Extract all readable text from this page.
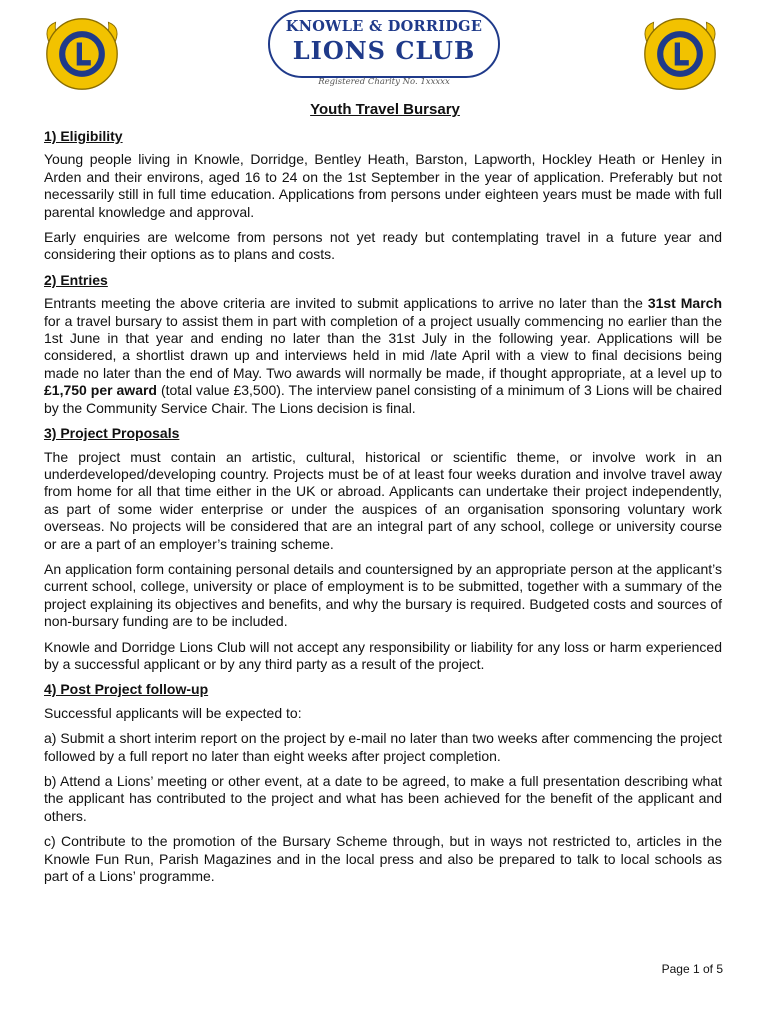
KNOWLE & DORRIDGE
LIONS CLUB
Registered Charity No. 1xxxxx
Youth Travel Bursary
1) Eligibility

Young people living in Knowle, Dorridge, Bentley Heath, Barston, Lapworth, Hockley Heath or Henley in Arden and their environs, aged 16 to 24 on the 1st September in the year of application. Preferably but not necessarily still in full time education. Applications from persons under eighteen years must be made with full parental knowledge and approval.

Early enquiries are welcome from persons not yet ready but contemplating travel in a future year and considering their options as to plans and costs.

2) Entries

Entrants meeting the above criteria are invited to submit applications to arrive no later than the 31st March for a travel bursary to assist them in part with completion of a project usually commencing no earlier than the 1st June in that year and ending no later than the 31st July in the following year. Applications will be considered, a shortlist drawn up and interviews held in mid /late April with a view to final decisions being made no later than the end of May. Two awards will normally be made, if thought appropriate, at a level up to £1,750 per award (total value £3,500). The interview panel consisting of a minimum of 3 Lions will be chaired by the Community Service Chair. The Lions decision is final.

3) Project Proposals

The project must contain an artistic, cultural, historical or scientific theme, or involve work in an underdeveloped/developing country. Projects must be of at least four weeks duration and involve travel away from home for all that time either in the UK or abroad. Applicants can undertake their project independently, as part of some wider enterprise or under the auspices of an organisation sponsoring voluntary work overseas. No projects will be considered that are an integral part of any school, college or university course or are a part of an employer’s training scheme.

An application form containing personal details and countersigned by an appropriate person at the applicant’s current school, college, university or place of employment is to be submitted, together with a summary of the project explaining its objectives and benefits, and why the bursary is required. Budgeted costs and sources of non-bursary funding are to be included.

Knowle and Dorridge Lions Club will not accept any responsibility or liability for any loss or harm experienced by a successful applicant or by any third party as a result of the project.

4) Post Project follow-up

Successful applicants will be expected to:

a) Submit a short interim report on the project by e-mail no later than two weeks after commencing the project followed by a full report no later than eight weeks after project completion.

b) Attend a Lions’ meeting or other event, at a date to be agreed, to make a full presentation describing what the applicant has contributed to the project and what has been achieved for the benefit of the applicant and others.

c) Contribute to the promotion of the Bursary Scheme through, but in ways not restricted to, articles in the Knowle Fun Run, Parish Magazines and in the local press and also be prepared to talk to local schools as part of a Lions’ programme.

Page 1 of 5
